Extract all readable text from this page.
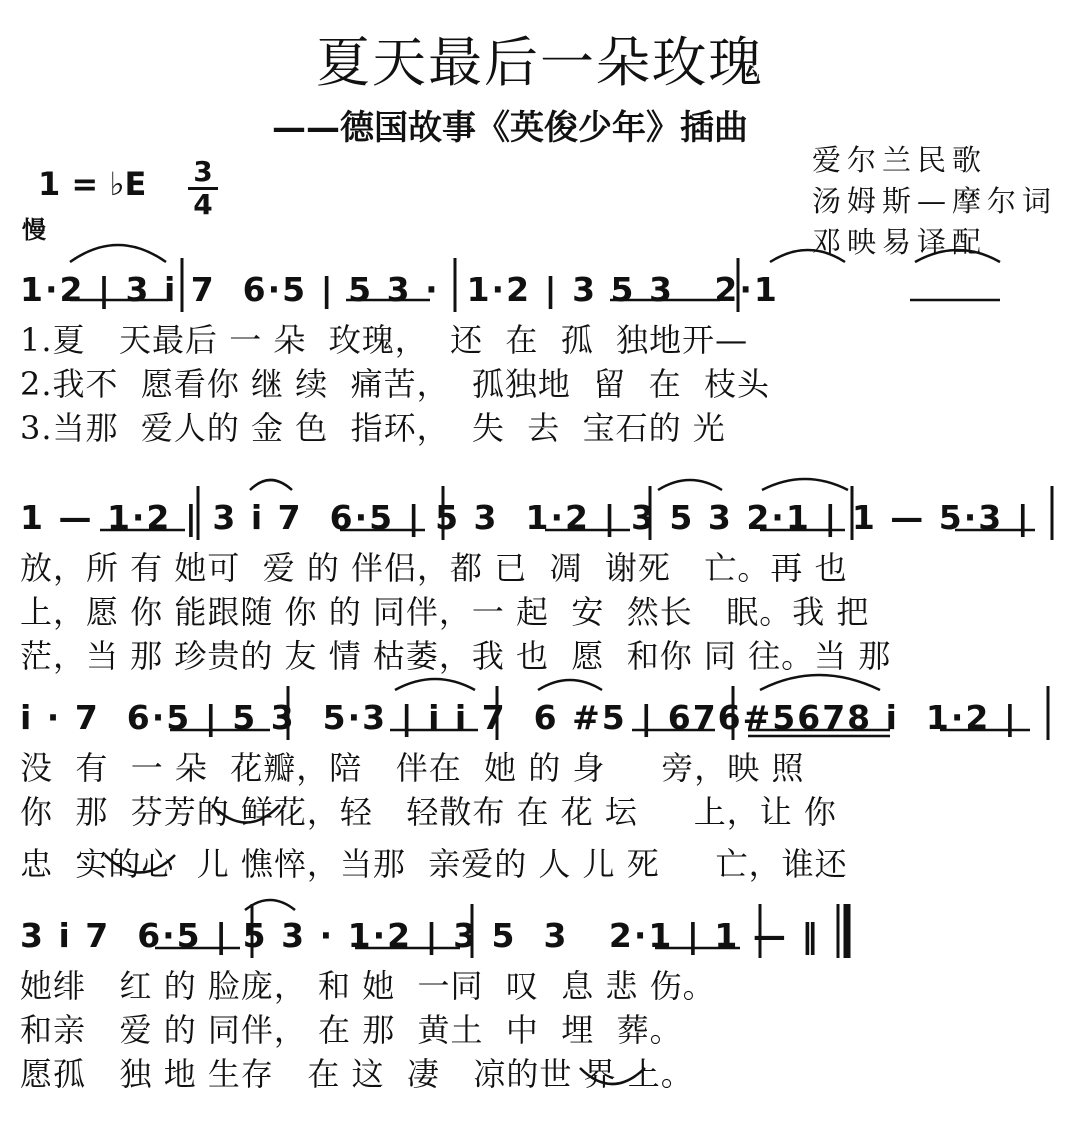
夏天最后一朵玫瑰
——德国故事《英俊少年》插曲
爱尔兰民歌
汤姆斯—摩尔词
邓映易译配
1 = ♭E 3
4
慢
1·2 | 3 i 7  6·5 | 5 3 ·  1·2 | 3 5 3   2·1
1.夏   天最后 一 朵  玫瑰，  还  在  孤  独地开—
2.我不  愿看你 继 续  痛苦，  孤独地  留  在  枝头
3.当那  爱人的 金 色  指环，  失  去  宝石的 光
1 — 1·2 | 3 i 7  6·5 | 5 3  1·2 | 3 5 3 2·1 | 1 — 5·3 |
放，所 有 她可  爱 的 伴侣，都 已  凋  谢死   亡。再 也
上，愿 你 能跟随 你 的 同伴，一 起  安  然长   眠。我 把
茫，当 那 珍贵的 友 情 枯萎，我 也  愿  和你 同 往。当 那
i · 7  6·5 | 5 3  5·3 | i i 7  6 #5 | 676#5678 i  1·2 |
没  有  一 朵  花瓣，陪   伴在  她 的 身     旁，映 照
你  那  芬芳的 鲜花，轻   轻散布 在 花 坛     上，让 你
忠  实的心  儿 憔悴，当那  亲爱的 人 儿 死     亡，谁还
3 i 7  6·5 | 5 3 · 1·2 | 3 5  3   2·1 | 1 — ‖
她绯   红 的 脸庞， 和 她  一同  叹  息 悲 伤。
和亲   爱 的 同伴， 在 那  黄土  中  埋  葬。
愿孤   独 地 生存   在 这  凄   凉的世 界 上。
